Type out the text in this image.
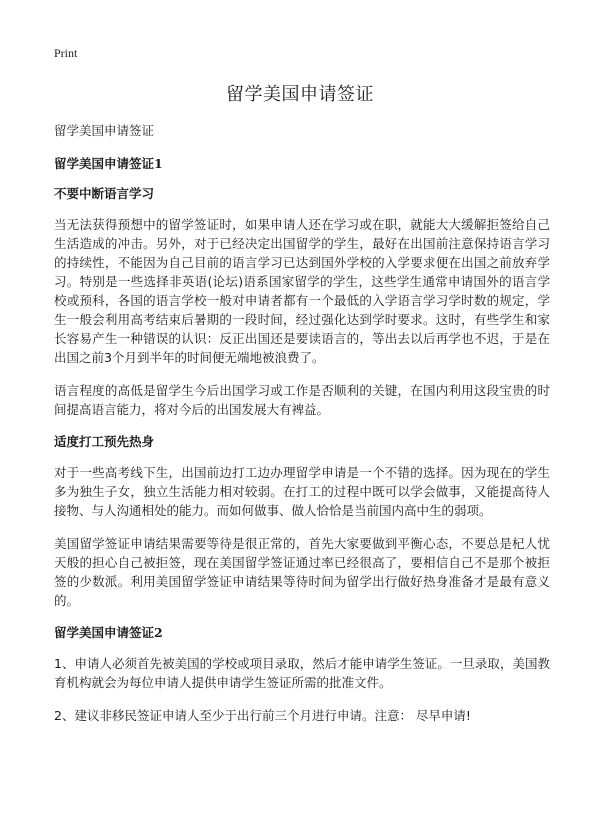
Print
留学美国申请签证
留学美国申请签证
留学美国申请签证1
不要中断语言学习

当无法获得预想中的留学签证时，如果申请人还在学习或在职，就能大大缓解拒签给自己生活造成的冲击。另外，对于已经决定出国留学的学生，最好在出国前注意保持语言学习的持续性，不能因为自己目前的语言学习已达到国外学校的入学要求便在出国之前放弃学习。特别是一些选择非英语(论坛)语系国家留学的学生，这些学生通常申请国外的语言学校或预科，各国的语言学校一般对申请者都有一个最低的入学语言学习学时数的规定，学生一般会利用高考结束后暑期的一段时间，经过强化达到学时要求。这时，有些学生和家长容易产生一种错误的认识：反正出国还是要读语言的，等出去以后再学也不迟，于是在出国之前3个月到半年的时间便无端地被浪费了。

语言程度的高低是留学生今后出国学习或工作是否顺利的关键，在国内利用这段宝贵的时间提高语言能力，将对今后的出国发展大有裨益。

适度打工预先热身

对于一些高考线下生，出国前边打工边办理留学申请是一个不错的选择。因为现在的学生多为独生子女，独立生活能力相对较弱。在打工的过程中既可以学会做事，又能提高待人接物、与人沟通相处的能力。而如何做事、做人恰恰是当前国内高中生的弱项。

美国留学签证申请结果需要等待是很正常的，首先大家要做到平衡心态，不要总是杞人忧天般的担心自己被拒签，现在美国留学签证通过率已经很高了，要相信自己不是那个被拒签的少数派。利用美国留学签证申请结果等待时间为留学出行做好热身准备才是最有意义的。

留学美国申请签证2

1、申请人必须首先被美国的学校或项目录取，然后才能申请学生签证。一旦录取，美国教育机构就会为每位申请人提供申请学生签证所需的批准文件。

2、建议非移民签证申请人至少于出行前三个月进行申请。注意： 尽早申请!
